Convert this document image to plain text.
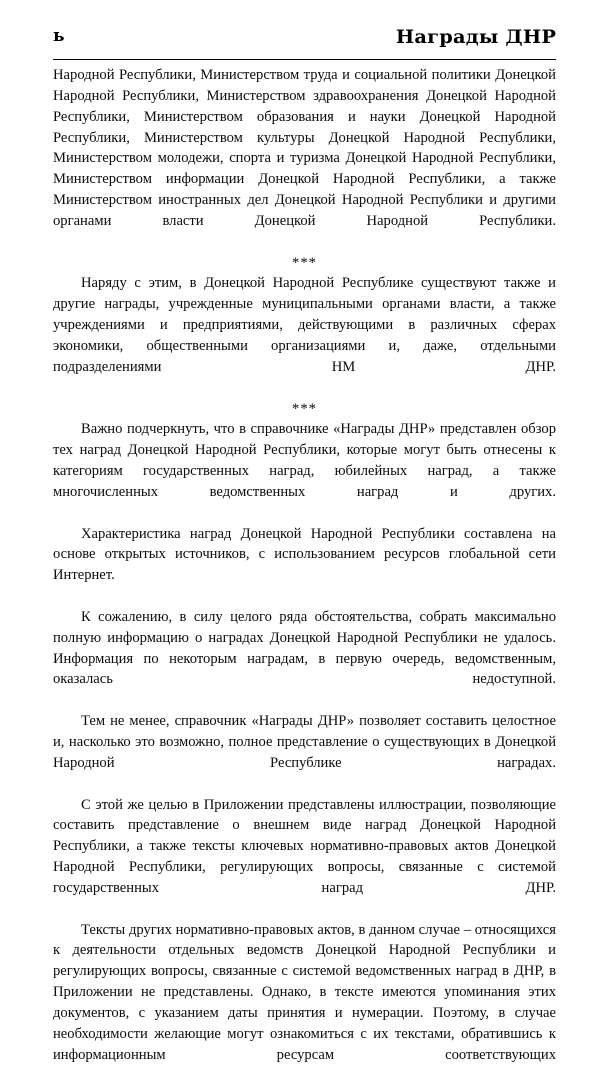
ь	Награды ДНР

Народной Республики, Министерством труда и социальной политики Донецкой Народной Республики, Министерством здравоохранения Донецкой Народной Республики, Министерством образования и науки Донецкой Народной Республики, Министерством культуры Донецкой Народной Республики, Министерством молодежи, спорта и туризма Донецкой Народной Республики, Министерством информации Донецкой Народной Республики, а также Министерством иностранных дел Донецкой Народной Республики и другими органами власти Донецкой Народной Республики.

***

Наряду с этим, в Донецкой Народной Республике существуют также и другие награды, учрежденные муниципальными органами власти, а также учреждениями и предприятиями, действующими в различных сферах экономики, общественными организациями и, даже, отдельными подразделениями НМ ДНР.

***

Важно подчеркнуть, что в справочнике «Награды ДНР» представлен обзор тех наград Донецкой Народной Республики, которые могут быть отнесены к категориям государственных наград, юбилейных наград, а также многочисленных ведомственных наград и других.

Характеристика наград Донецкой Народной Республики составлена на основе открытых источников, с использованием ресурсов глобальной сети Интернет.

К сожалению, в силу целого ряда обстоятельства, собрать максимально полную информацию о наградах Донецкой Народной Республики не удалось. Информация по некоторым наградам, в первую очередь, ведомственным, оказалась недоступной.

Тем не менее, справочник «Награды ДНР» позволяет составить целостное и, насколько это возможно, полное представление о существующих в Донецкой Народной Республике наградах.

С этой же целью в Приложении представлены иллюстрации, позволяющие составить представление о внешнем виде наград Донецкой Народной Республики, а также тексты ключевых нормативно-правовых актов Донецкой Народной Республики, регулирующих вопросы, связанные с системой государственных наград ДНР.

Тексты других нормативно-правовых актов, в данном случае – относящихся к деятельности отдельных ведомств Донецкой Народной Республики и регулирующих вопросы, связанные с системой ведомственных наград в ДНР, в Приложении не представлены. Однако, в тексте имеются упоминания этих документов, с указанием даты принятия и нумерации. Поэтому, в случае необходимости желающие могут ознакомиться с их текстами, обратившись к информационным ресурсам соответствующих
